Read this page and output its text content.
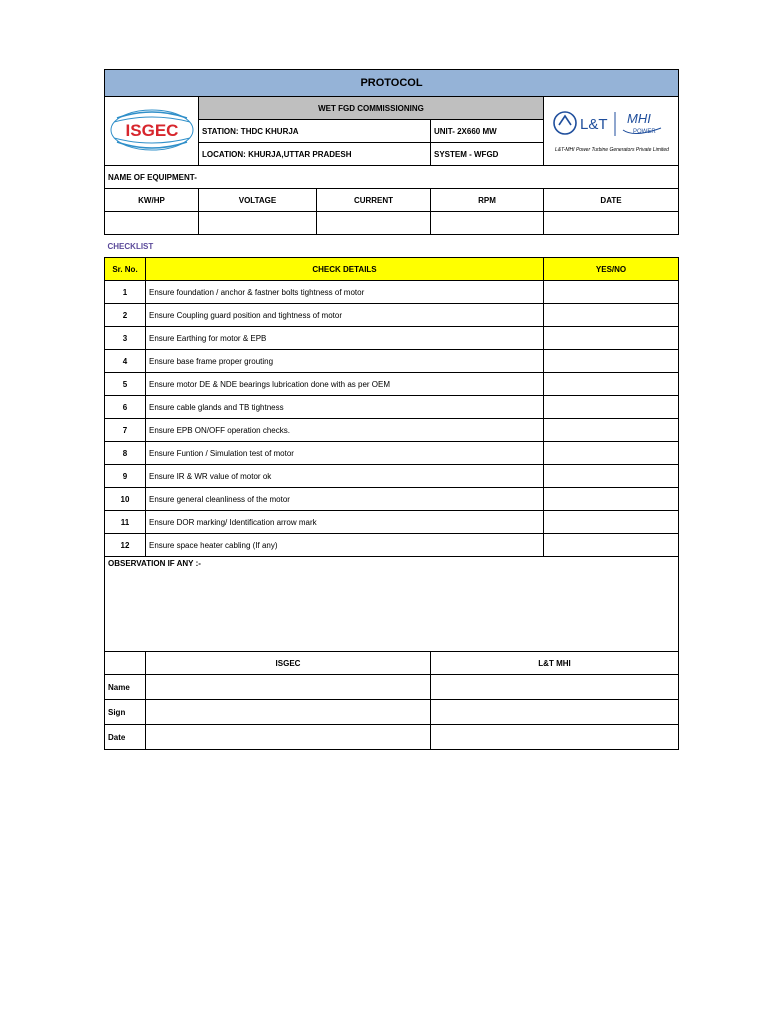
PROTOCOL					

ISGEC		WET FGD COMMISSIONING			L&T MHI
POWER
L&T-MHI Power Turbine Generators Private Limited

		STATION: THDC KHURJA		UNIT- 2X660 MW	
		LOCATION: KHURJA,UTTAR PRADESH		SYSTEM - WFGD	
NAME OF EQUIPMENT-					
KW/HP		VOLTAGE	CURRENT	RPM	DATE

CHECKLIST					
Sr. No.	CHECK DETAILS				YES/NO
1	Ensure foundation / anchor & fastner bolts tightness of motor				
2	Ensure Coupling guard position and tightness of motor				
3	Ensure Earthing for motor & EPB				
4	Ensure base frame proper grouting				
5	Ensure motor DE & NDE bearings lubrication done with as per OEM				
6	Ensure cable glands and TB tightness				
7	Ensure EPB ON/OFF operation checks.				
8	Ensure Funtion / Simulation test of motor				
9	Ensure IR & WR value of motor ok				
10	Ensure general cleanliness of the motor				
11	Ensure DOR marking/ Identification arrow mark				
12	Ensure space heater cabling (If any)				
OBSERVATION IF ANY :-					
	ISGEC			L&T MHI	
Name					
Sign					
Date					
